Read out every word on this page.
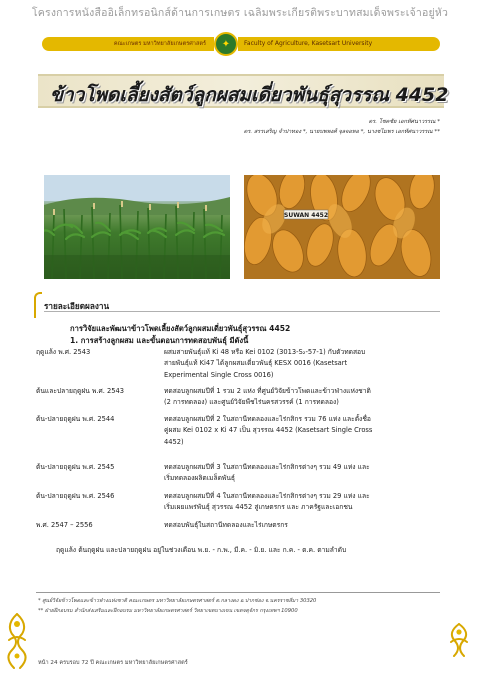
โครงการหนังสืออิเล็กทรอนิกส์ด้านการเกษตร เฉลิมพระเกียรติพระบาทสมเด็จพระเจ้าอยู่หัว
คณะเกษตร มหาวิทยาลัยเกษตรศาสตร์	✦	Faculty of Agriculture, Kasetsart University
ข้าวโพดเลี้ยงสัตว์ลูกผสมเดี่ยวพันธุ์สุวรรณ 4452
ดร. โชคชัย เอกทัศนาวรรณ *
ดร. สรรเสริญ จำปาทอง *, นายบพพงศ์ จุลจอหอ *, นางชไมพร เอกทัศนาวรรณ **
SUWAN 4452
รายละเอียดผลงาน
การวิจัยและพัฒนาข้าวโพดเลี้ยงสัตว์ลูกผสมเดี่ยวพันธุ์สุวรรณ 4452
1. การสร้างลูกผสม และขั้นตอนการทดสอบพันธุ์ มีดังนี้
ฤดูแล้ง พ.ศ. 2543	ผสมสายพันธุ์แท้ Ki 48 หรือ Kei 0102 (3013-S₂-57-1) กับตัวทดสอบ
สายพันธุ์แท้ Ki47 ได้ลูกผสมเดี่ยวพันธุ์ KESX 0016 (Kasetsart
Experimental Single Cross 0016)
ต้นและปลายฤดูฝน พ.ศ. 2543	ทดสอบลูกผสมปีที่ 1 รวม 2 แห่ง ที่ศูนย์วิจัยข้าวโพดและข้าวฟ่างแห่งชาติ
(2 การทดลอง) และศูนย์วิจัยพืชไร่นครสวรรค์ (1 การทดลอง)
ต้น-ปลายฤดูฝน พ.ศ. 2544	ทดสอบลูกผสมปีที่ 2 ในสถานีทดลองและไร่กสิกร รวม 76 แห่ง และตั้งชื่อ
คู่ผสม Kei 0102 x Ki 47 เป็น สุวรรณ 4452 (Kasetsart Single Cross
4452)
ต้น-ปลายฤดูฝน พ.ศ. 2545	ทดสอบลูกผสมปีที่ 3 ในสถานีทดลองและไร่กสิกรต่างๆ รวม 49 แห่ง และ
เริ่มทดลองผลิตเมล็ดพันธุ์
ต้น-ปลายฤดูฝน พ.ศ. 2546	ทดสอบลูกผสมปีที่ 4 ในสถานีทดลองและไร่กสิกรต่างๆ รวม 29 แห่ง และ
เริ่มเผยแพร่พันธุ์ สุวรรณ 4452 สู่เกษตรกร และ ภาครัฐและเอกชน
พ.ศ. 2547 – 2556	ทดสอบพันธุ์ในสถานีทดลองและไร่เกษตรกร
ฤดูแล้ง ต้นฤดูฝน และปลายฤดูฝน อยู่ในช่วงเดือน พ.ย. - ก.พ., มี.ค. - มิ.ย. และ ก.ค. - ต.ค. ตามลำดับ
* ศูนย์วิจัยข้าวโพดและข้าวฟ่างแห่งชาติ คณะเกษตร มหาวิทยาลัยเกษตรศาสตร์ ต.กลางดง อ.ปากช่อง จ.นครราชสีมา 30320
** ฝ่ายฝึกอบรม สำนักส่งเสริมและฝึกอบรม มหาวิทยาลัยเกษตรศาสตร์ วิทยาเขตบางเขน เขตจตุจักร กรุงเทพฯ 10900
หน้า 24 ครบรอบ 72 ปี คณะเกษตร มหาวิทยาลัยเกษตรศาสตร์
